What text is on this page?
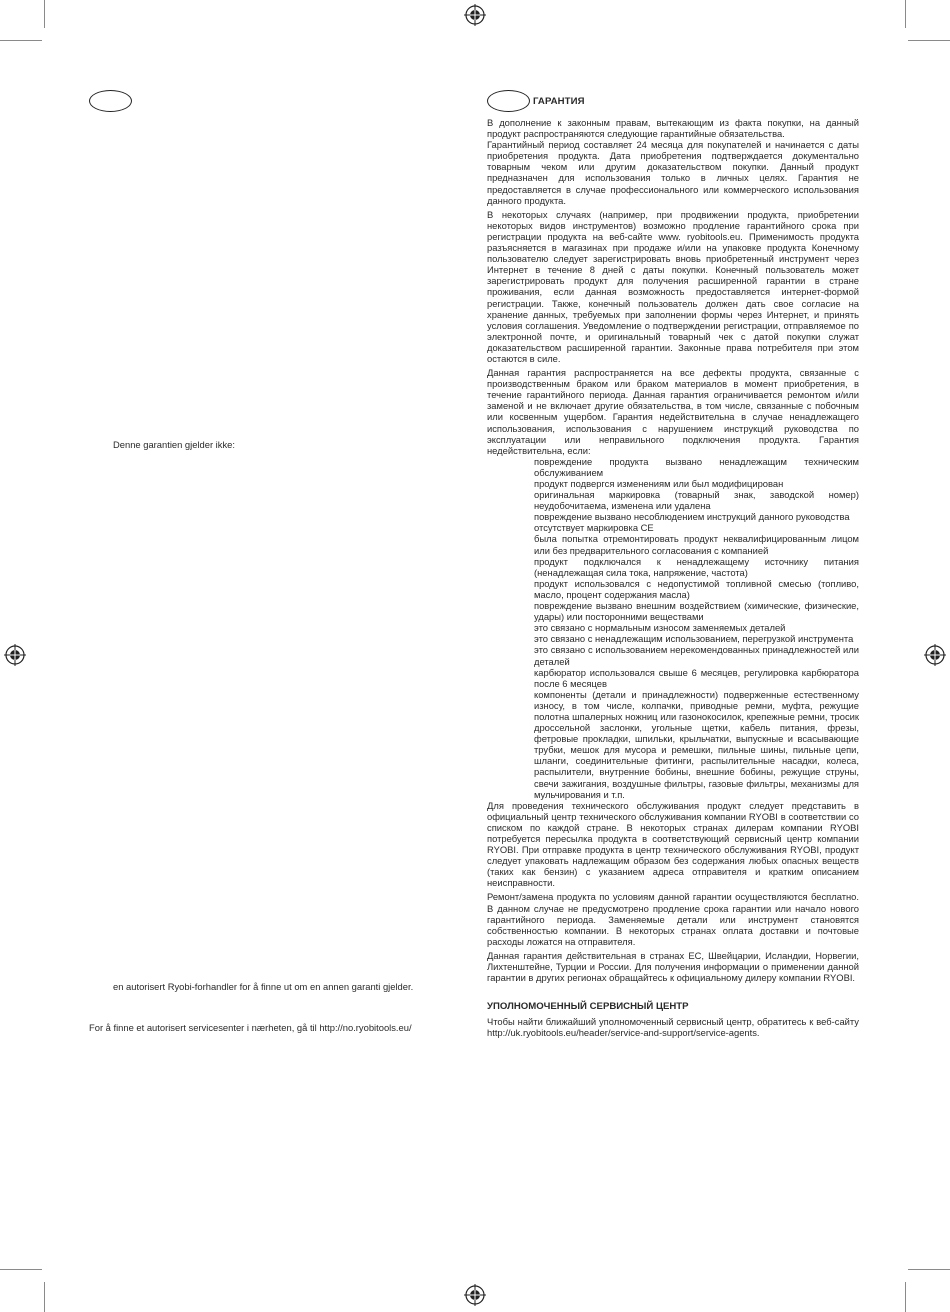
Denne garantien gjelder ikke:
en autorisert Ryobi-forhandler for å finne ut om en annen garanti gjelder.
For å finne et autorisert servicesenter i nærheten, gå til http://no.ryobitools.eu/
ГАРАНТИЯ

В дополнение к законным правам, вытекающим из факта покупки, на данный продукт распространяются следующие гарантийные обязательства.

Гарантийный период составляет 24 месяца для покупателей и начинается с даты приобретения продукта. Дата приобретения подтверждается документально товарным чеком или другим доказательством покупки. Данный продукт предназначен для использования только в личных целях. Гарантия не предоставляется в случае профессионального или коммерческого использования данного продукта.

В некоторых случаях (например, при продвижении продукта, приобретении некоторых видов инструментов) возможно продление гарантийного срока при регистрации продукта на веб-сайте www. ryobitools.eu. Применимость продукта разъясняется в магазинах при продаже и/или на упаковке продукта Конечному пользователю следует зарегистрировать вновь приобретенный инструмент через Интернет в течение 8 дней с даты покупки. Конечный пользователь может зарегистрировать продукт для получения расширенной гарантии в стране проживания, если данная возможность предоставляется интернет-формой регистрации. Также, конечный пользователь должен дать свое согласие на хранение данных, требуемых при заполнении формы через Интернет, и принять условия соглашения. Уведомление о подтверждении регистрации, отправляемое по электронной почте, и оригинальный товарный чек с датой покупки служат доказательством расширенной гарантии. Законные права потребителя при этом остаются в силе.

Данная гарантия распространяется на все дефекты продукта, связанные с производственным браком или браком материалов в момент приобретения, в течение гарантийного периода. Данная гарантия ограничивается ремонтом и/или заменой и не включает другие обязательства, в том числе, связанные с побочным или косвенным ущербом. Гарантия недействительна в случае ненадлежащего использования, использования с нарушением инструкций руководства по эксплуатации или неправильного подключения продукта. Гарантия недействительна, если:

повреждение продукта вызвано ненадлежащим техническим обслуживанием
продукт подвергся изменениям или был модифицирован
оригинальная маркировка (товарный знак, заводской номер) неудобочитаема, изменена или удалена
повреждение вызвано несоблюдением инструкций данного руководства
отсутствует маркировка CE
была попытка отремонтировать продукт неквалифицированным лицом или без предварительного согласования с компанией
продукт подключался к ненадлежащему источнику питания (ненадлежащая сила тока, напряжение, частота)
продукт использовался с недопустимой топливной смесью (топливо, масло, процент содержания масла)
повреждение вызвано внешним воздействием (химические, физические, удары) или посторонними веществами
это связано с нормальным износом заменяемых деталей
это связано с ненадлежащим использованием, перегрузкой инструмента
это связано с использованием нерекомендованных принадлежностей или деталей
карбюратор использовался свыше 6 месяцев, регулировка карбюратора после 6 месяцев
компоненты (детали и принадлежности) подверженные естественному износу, в том числе, колпачки, приводные ремни, муфта, режущие полотна шпалерных ножниц или газонокосилок, крепежные ремни, тросик дроссельной заслонки, угольные щетки, кабель питания, фрезы, фетровые прокладки, шпильки, крыльчатки, выпускные и всасывающие трубки, мешок для мусора и ремешки, пильные шины, пильные цепи, шланги, соединительные фитинги, распылительные насадки, колеса, распылители, внутренние бобины, внешние бобины, режущие струны, свечи зажигания, воздушные фильтры, газовые фильтры, механизмы для мульчирования и т.п.

Для проведения технического обслуживания продукт следует представить в официальный центр технического обслуживания компании RYOBI в соответствии со списком по каждой стране. В некоторых странах дилерам компании RYOBI потребуется пересылка продукта в соответствующий сервисный центр компании RYOBI. При отправке продукта в центр технического обслуживания RYOBI, продукт следует упаковать надлежащим образом без содержания любых опасных веществ (таких как бензин) с указанием адреса отправителя и кратким описанием неисправности.

Ремонт/замена продукта по условиям данной гарантии осуществляются бесплатно. В данном случае не предусмотрено продление срока гарантии или начало нового гарантийного периода. Заменяемые детали или инструмент становятся собственностью компании. В некоторых странах оплата доставки и почтовые расходы ложатся на отправителя.

Данная гарантия действительная в странах ЕС, Швейцарии, Исландии, Норвегии, Лихтенштейне, Турции и России. Для получения информации о применении данной гарантии в других регионах обращайтесь к официальному дилеру компании RYOBI.

УПОЛНОМОЧЕННЫЙ СЕРВИСНЫЙ ЦЕНТР

Чтобы найти ближайший уполномоченный сервисный центр, обратитесь к веб-сайту http://uk.ryobitools.eu/header/service-and-support/service-agents.
